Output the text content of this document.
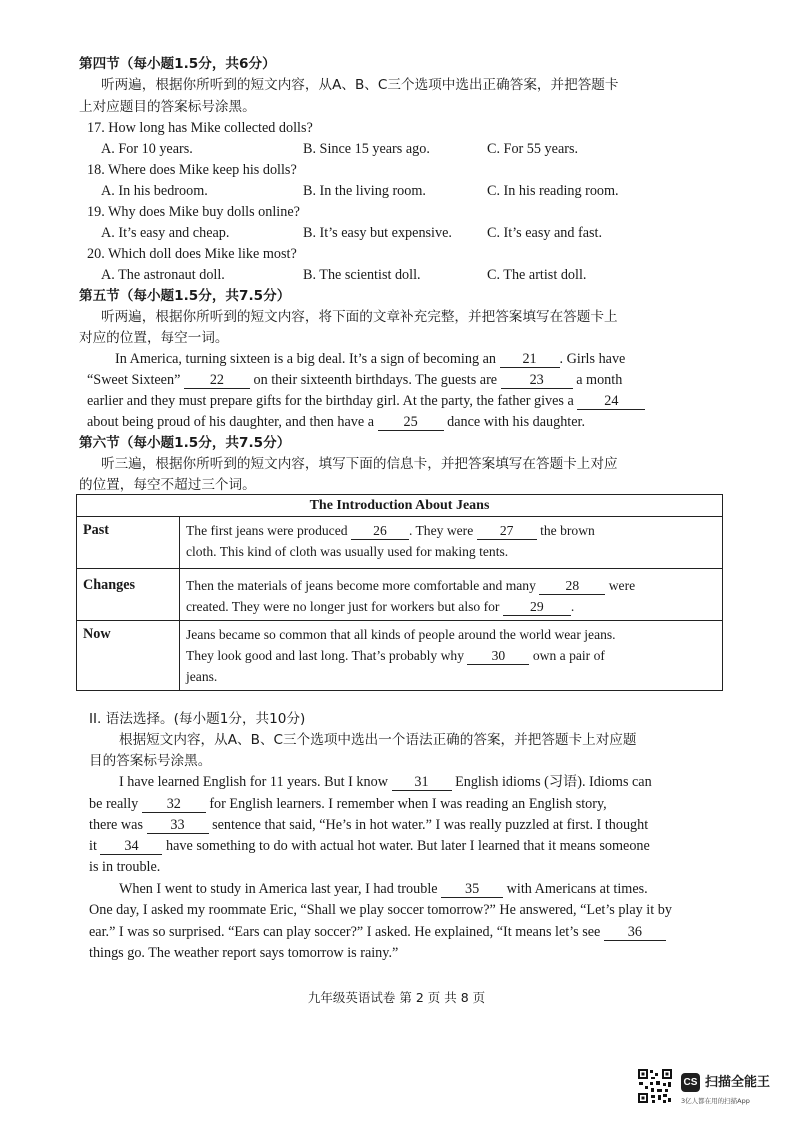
第四节（每小题1.5分，共6分）
听两遍，根据你所听到的短文内容，从A、B、C三个选项中选出正确答案，并把答题卡
上对应题目的答案标号涂黑。
17. How long has Mike collected dolls?
A. For 10 years.	B. Since 15 years ago.	C. For 55 years.
18. Where does Mike keep his dolls?
A. In his bedroom.	B. In the living room.	C. In his reading room.
19. Why does Mike buy dolls online?
A. It’s easy and cheap.	B. It’s easy but expensive. C. It’s easy and fast.
20. Which doll does Mike like most?
A. The astronaut doll.	B. The scientist doll.	C. The artist doll.
第五节（每小题1.5分，共7.5分）
听两遍，根据你所听到的短文内容，将下面的文章补充完整，并把答案填写在答题卡上
对应的位置，每空一词。
In America, turning sixteen is a big deal. It’s a sign of becoming an 21 . Girls have
“Sweet Sixteen” 22 on their sixteenth birthdays. The guests are 23 a month
earlier and they must prepare gifts for the birthday girl. At the party, the father gives a 24
about being proud of his daughter, and then have a 25 dance with his daughter.
第六节（每小题1.5分，共7.5分）
听三遍，根据你所听到的短文内容，填写下面的信息卡，并把答案填写在答题卡上对应
的位置，每空不超过三个词。
The Introduction About Jeans	
Past	The first jeans were produced 26 . They were 27 the brown
cloth. This kind of cloth was usually used for making tents.
Changes	Then the materials of jeans become more comfortable and many 28 were
created. They were no longer just for workers but also for 29 .
Now	Jeans became so common that all kinds of people around the world wear jeans.
They look good and last long. That’s probably why 30 own a pair of
jeans.
II. 语法选择。(每小题1分，共10分)
根据短文内容，从A、B、C三个选项中选出一个语法正确的答案，并把答题卡上对应题
目的答案标号涂黑。
I have learned English for 11 years. But I know 31 English idioms (习语). Idioms can
be really 32 for English learners. I remember when I was reading an English story,
there was 33 sentence that said, “He’s in hot water.” I was really puzzled at first. I thought
it 34 have something to do with actual hot water. But later I learned that it means someone
is in trouble.
When I went to study in America last year, I had trouble 35 with Americans at times.
One day, I asked my roommate Eric, “Shall we play soccer tomorrow?” He answered, “Let’s play it by
ear.” I was so surprised. “Ears can play soccer?” I asked. He explained, “It means let’s see 36
things go. The weather report says tomorrow is rainy.”
九年级英语试卷 第 2 页 共 8 页
CS 扫描全能王
3亿人都在用的扫描App
